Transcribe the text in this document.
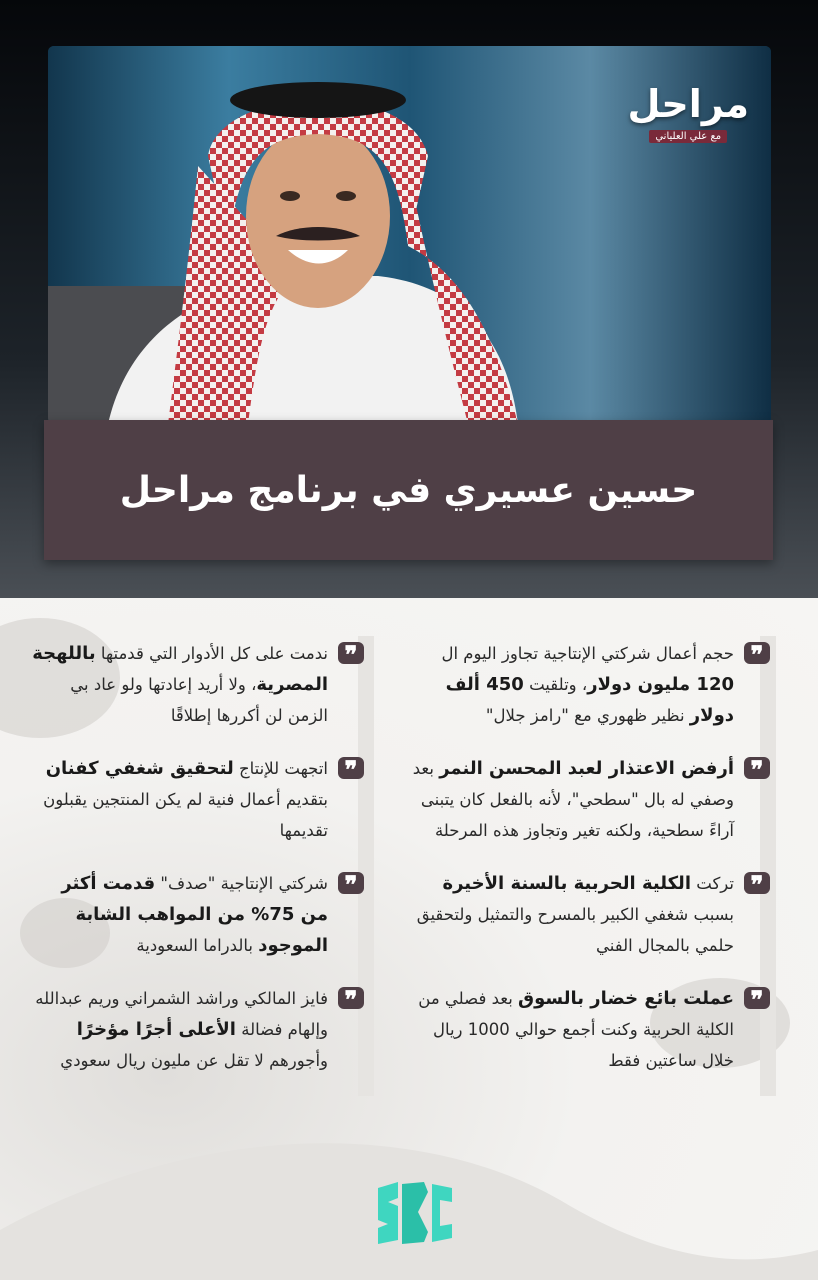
مراحل
مع علي العلياني
حسين عسيري في برنامج مراحل
❞

حجم أعمال شركتي الإنتاجية تجاوز اليوم ال 120 مليون دولار، وتلقيت 450 ألف دولار نظير ظهوري مع "رامز جلال"

❞

أرفض الاعتذار لعبد المحسن النمر بعد وصفي له بال "سطحي"، لأنه بالفعل كان يتبنى آراءً سطحية، ولكنه تغير وتجاوز هذه المرحلة

❞

تركت الكلية الحربية بالسنة الأخيرة بسبب شغفي الكبير بالمسرح والتمثيل ولتحقيق حلمي بالمجال الفني

❞

عملت بائع خضار بالسوق بعد فصلي من الكلية الحربية وكنت أجمع حوالي 1000 ريال خلال ساعتين فقط

❞

ندمت على كل الأدوار التي قدمتها باللهجة المصرية، ولا أريد إعادتها ولو عاد بي الزمن لن أكررها إطلاقًا

❞

اتجهت للإنتاج لتحقيق شغفي كفنان بتقديم أعمال فنية لم يكن المنتجين يقبلون تقديمها

❞

شركتي الإنتاجية "صدف" قدمت أكثر من 75% من المواهب الشابة الموجود بالدراما السعودية

❞

فايز المالكي وراشد الشمراني وريم عبدالله وإلهام فضالة الأعلى أجرًا مؤخرًا وأجورهم لا تقل عن مليون ريال سعودي
